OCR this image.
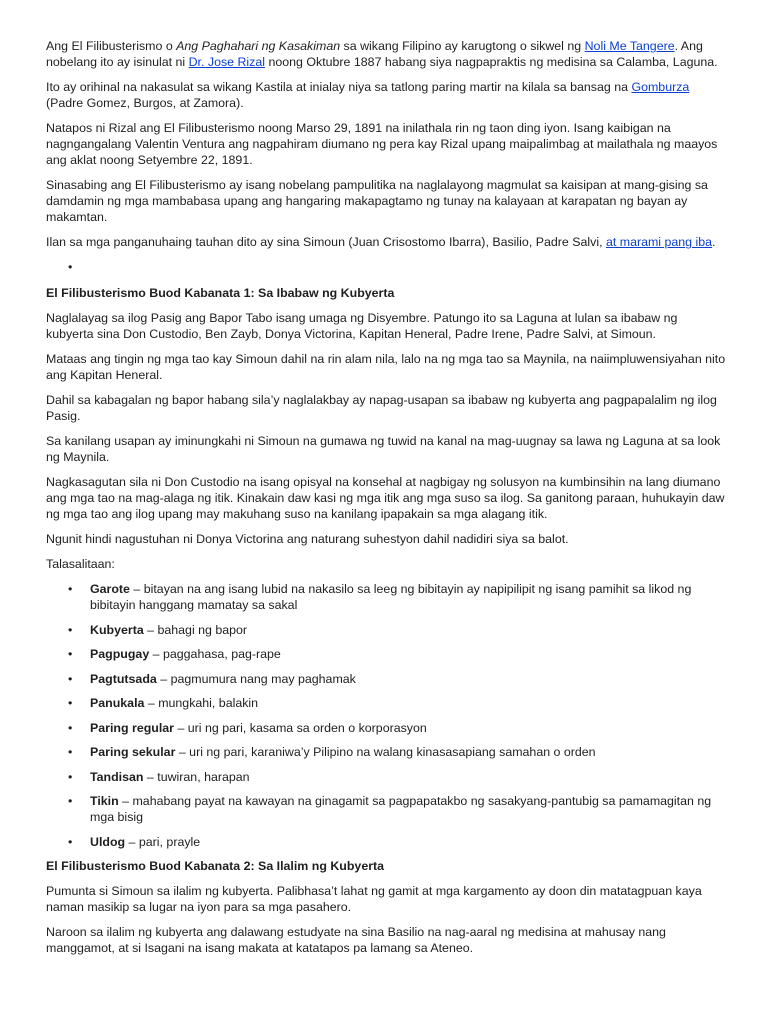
Ang El Filibusterismo o Ang Paghahari ng Kasakiman sa wikang Filipino ay karugtong o sikwel ng Noli Me Tangere. Ang nobelang ito ay isinulat ni Dr. Jose Rizal noong Oktubre 1887 habang siya nagpapraktis ng medisina sa Calamba, Laguna.

Ito ay orihinal na nakasulat sa wikang Kastila at inialay niya sa tatlong paring martir na kilala sa bansag na Gomburza (Padre Gomez, Burgos, at Zamora).

Natapos ni Rizal ang El Filibusterismo noong Marso 29, 1891 na inilathala rin ng taon ding iyon. Isang kaibigan na nagngangalang Valentin Ventura ang nagpahiram diumano ng pera kay Rizal upang maipalimbag at mailathala ng maayos ang aklat noong Setyembre 22, 1891.

Sinasabing ang El Filibusterismo ay isang nobelang pampulitika na naglalayong magmulat sa kaisipan at mang-gising sa damdamin ng mga mambabasa upang ang hangaring makapagtamo ng tunay na kalayaan at karapatan ng bayan ay makamtan.

Ilan sa mga panganuhaing tauhan dito ay sina Simoun (Juan Crisostomo Ibarra), Basilio, Padre Salvi, at marami pang iba.

•

El Filibusterismo Buod Kabanata 1: Sa Ibabaw ng Kubyerta

Naglalayag sa ilog Pasig ang Bapor Tabo isang umaga ng Disyembre. Patungo ito sa Laguna at lulan sa ibabaw ng kubyerta sina Don Custodio, Ben Zayb, Donya Victorina, Kapitan Heneral, Padre Irene, Padre Salvi, at Simoun.

Mataas ang tingin ng mga tao kay Simoun dahil na rin alam nila, lalo na ng mga tao sa Maynila, na naiimpluwensiyahan nito ang Kapitan Heneral.

Dahil sa kabagalan ng bapor habang sila’y naglalakbay ay napag-usapan sa ibabaw ng kubyerta ang pagpapalalim ng ilog Pasig.

Sa kanilang usapan ay iminungkahi ni Simoun na gumawa ng tuwid na kanal na mag-uugnay sa lawa ng Laguna at sa look ng Maynila.

Nagkasagutan sila ni Don Custodio na isang opisyal na konsehal at nagbigay ng solusyon na kumbinsihin na lang diumano ang mga tao na mag-alaga ng itik. Kinakain daw kasi ng mga itik ang mga suso sa ilog. Sa ganitong paraan, huhukayin daw ng mga tao ang ilog upang may makuhang suso na kanilang ipapakain sa mga alagang itik.

Ngunit hindi nagustuhan ni Donya Victorina ang naturang suhestyon dahil nadidiri siya sa balot.

Talasalitaan:

• Garote – bitayan na ang isang lubid na nakasilo sa leeg ng bibitayin ay napipilipit ng isang pamihit sa likod ng bibitayin hanggang mamatay sa sakal
• Kubyerta – bahagi ng bapor
• Pagpugay – paggahasa, pag-rape
• Pagtutsada – pagmumura nang may paghamak
• Panukala – mungkahi, balakin
• Paring regular – uri ng pari, kasama sa orden o korporasyon
• Paring sekular – uri ng pari, karaniwa’y Pilipino na walang kinasasapiang samahan o orden
• Tandisan – tuwiran, harapan
• Tikin – mahabang payat na kawayan na ginagamit sa pagpapatakbo ng sasakyang-pantubig sa pamamagitan ng mga bisig
• Uldog – pari, prayle

El Filibusterismo Buod Kabanata 2: Sa Ilalim ng Kubyerta

Pumunta si Simoun sa ilalim ng kubyerta. Palibhasa’t lahat ng gamit at mga kargamento ay doon din matatagpuan kaya naman masikip sa lugar na iyon para sa mga pasahero.

Naroon sa ilalim ng kubyerta ang dalawang estudyate na sina Basilio na nag-aaral ng medisina at mahusay nang manggamot, at si Isagani na isang makata at katatapos pa lamang sa Ateneo.
